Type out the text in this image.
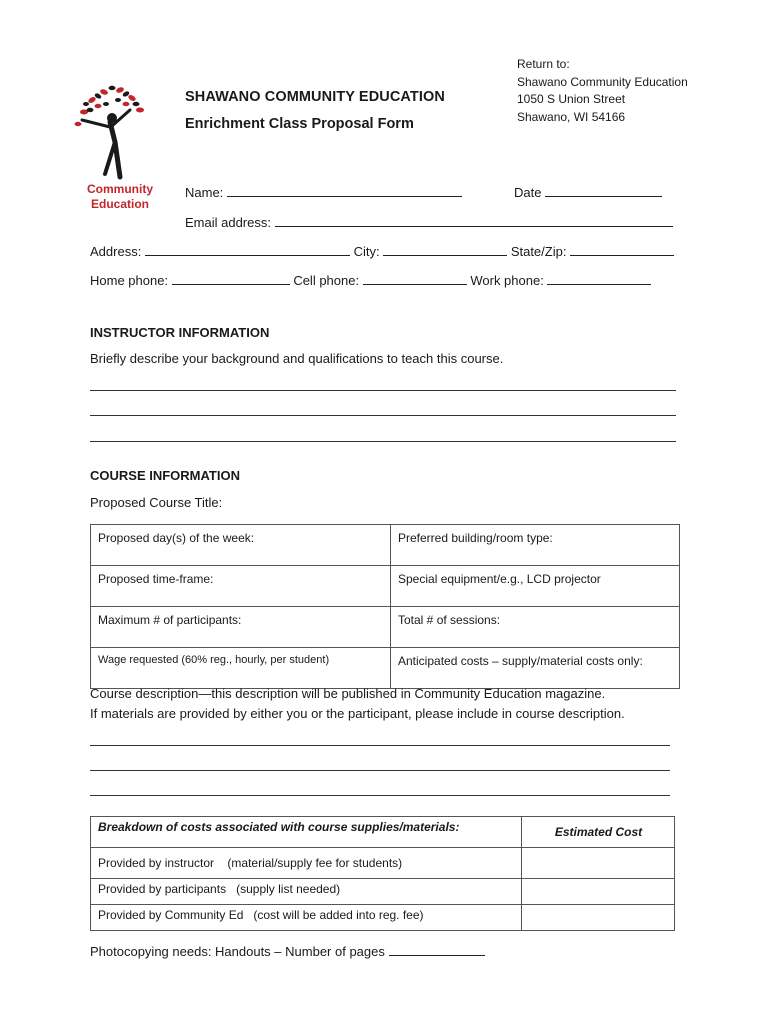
Community
Education
SHAWANO COMMUNITY EDUCATION
Enrichment Class Proposal Form
Return to:
Shawano Community Education
1050 S Union Street
Shawano, WI 54166
Name:	Date
Email address:
Address:	City:	State/Zip:
Home phone:	Cell phone:	Work phone:
INSTRUCTOR INFORMATION
Briefly describe your background and qualifications to teach this course.
COURSE INFORMATION
Proposed Course Title:
Proposed day(s) of the week:	Preferred building/room type:
Proposed time-frame:	Special equipment/e.g., LCD projector
Maximum # of participants:	Total # of sessions:
Wage requested (60% reg., hourly, per student)	Anticipated costs – supply/material costs only:
Course description—this description will be published in Community Education magazine.
If materials are provided by either you or the participant, please include in course description.
Breakdown of costs associated with course supplies/materials:	Estimated Cost
Provided by instructor (material/supply fee for students)	
Provided by participants (supply list needed)	
Provided by Community Ed (cost will be added into reg. fee)	
Photocopying needs: Handouts – Number of pages
